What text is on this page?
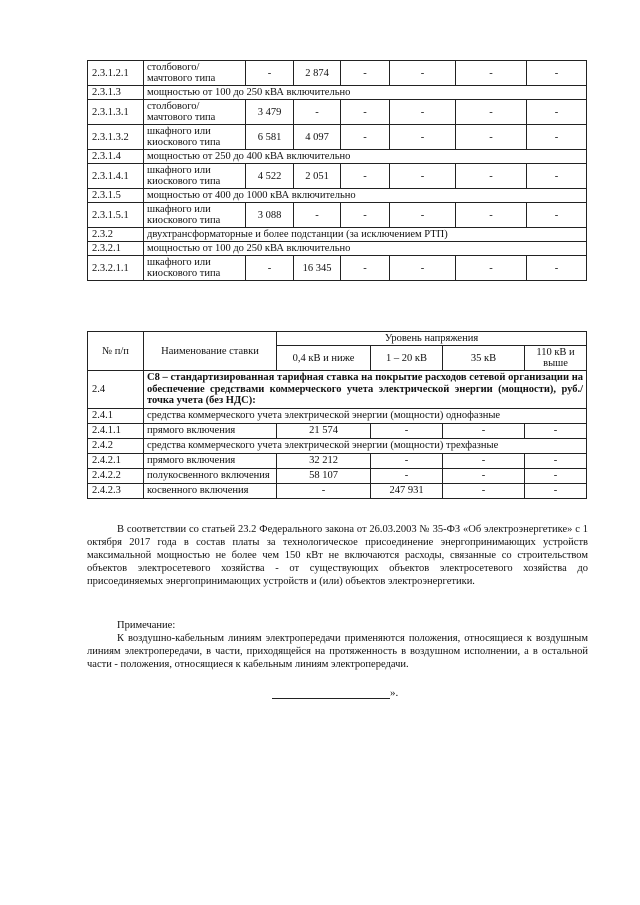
2.3.1.2.1	столбового/ мачтового типа	-	2 874	-	-	-	-
2.3.1.3	мощностью от 100 до 250 кВА включительно						
2.3.1.3.1	столбового/ мачтового типа	3 479	-	-	-	-	-
2.3.1.3.2	шкафного или киоскового типа	6 581	4 097	-	-	-	-
2.3.1.4	мощностью от 250 до 400 кВА включительно						
2.3.1.4.1	шкафного или киоскового типа	4 522	2 051	-	-	-	-
2.3.1.5	мощностью от 400 до 1000 кВА включительно						
2.3.1.5.1	шкафного или киоскового типа	3 088	-	-	-	-	-
2.3.2	двухтрансформаторные и более подстанции (за исключением РТП)						
2.3.2.1	мощностью от 100 до 250 кВА включительно						
2.3.2.1.1	шкафного или киоскового типа	-	16 345	-	-	-	-
№ п/п	Наименование ставки	Уровень напряжения			
		0,4 кВ и ниже	1 – 20 кВ	35 кВ	110 кВ и выше
2.4	С8 – стандартизированная тарифная ставка на покрытие расходов сетевой организации на обеспечение средствами коммерческого учета электрической энергии (мощности), руб./точка учета (без НДС):				
2.4.1	средства коммерческого учета электрической энергии (мощности) однофазные				
2.4.1.1	прямого включения	21 574	-	-	-
2.4.2	средства коммерческого учета электрической энергии (мощности) трехфазные				
2.4.2.1	прямого включения	32 212	-	-	-
2.4.2.2	полукосвенного включения	58 107	-	-	-
2.4.2.3	косвенного включения	-	247 931	-	-
В соответствии со статьей 23.2 Федерального закона от 26.03.2003 № 35-ФЗ «Об электроэнергетике» с 1 октября 2017 года в состав платы за технологическое присоединение энергопринимающих устройств максимальной мощностью не более чем 150 кВт не включаются расходы, связанные со строительством объектов электросетевого хозяйства - от существующих объектов электросетевого хозяйства до присоединяемых энергопринимающих устройств и (или) объектов электроэнергетики.
Примечание:
К воздушно-кабельным линиям электропередачи применяются положения, относящиеся к воздушным линиям электропередачи, в части, приходящейся на протяженность в воздушном исполнении, а в остальной части - положения, относящиеся к кабельным линиям электропередачи.
».
